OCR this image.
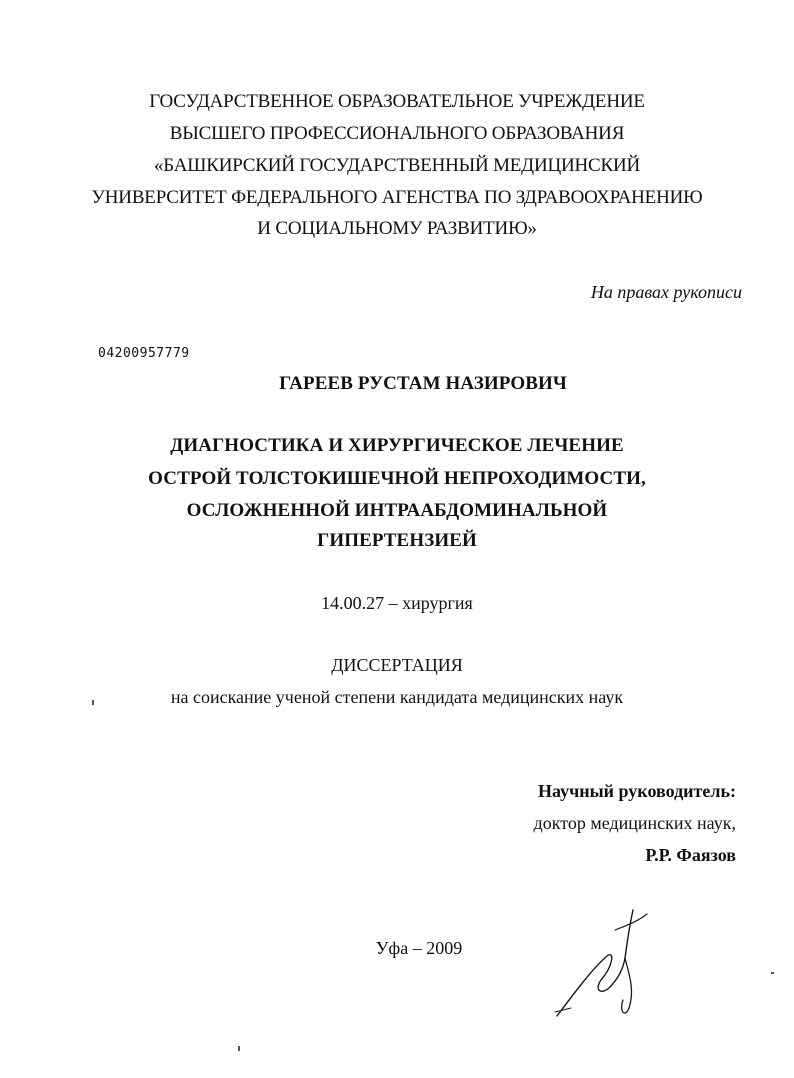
ГОСУДАРСТВЕННОЕ ОБРАЗОВАТЕЛЬНОЕ УЧРЕЖДЕНИЕ
ВЫСШЕГО ПРОФЕССИОНАЛЬНОГО ОБРАЗОВАНИЯ
«БАШКИРСКИЙ ГОСУДАРСТВЕННЫЙ МЕДИЦИНСКИЙ
УНИВЕРСИТЕТ ФЕДЕРАЛЬНОГО АГЕНСТВА ПО ЗДРАВООХРАНЕНИЮ
И СОЦИАЛЬНОМУ РАЗВИТИЮ»
На правах рукописи
04200957779
ГАРЕЕВ РУСТАМ НАЗИРОВИЧ
ДИАГНОСТИКА И ХИРУРГИЧЕСКОЕ ЛЕЧЕНИЕ
ОСТРОЙ ТОЛСТОКИШЕЧНОЙ НЕПРОХОДИМОСТИ,
ОСЛОЖНЕННОЙ ИНТРААБДОМИНАЛЬНОЙ
ГИПЕРТЕНЗИЕЙ
14.00.27 – хирургия
ДИССЕРТАЦИЯ
на соискание ученой степени кандидата медицинских наук
Научный руководитель:
доктор медицинских наук,
Р.Р. Фаязов
Уфа – 2009
